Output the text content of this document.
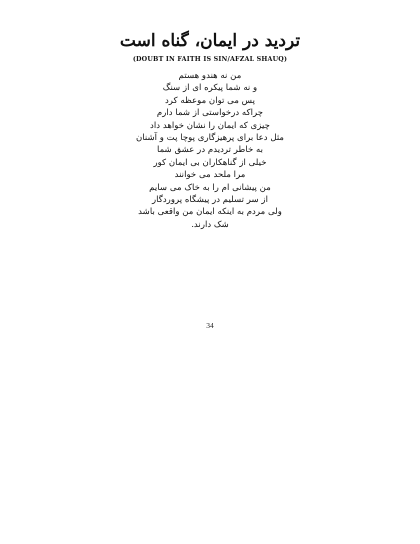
تردید در ایمان، گناه است

(DOUBT IN FAITH IS SIN/AFZAL SHAUQ)

من نه هندو هستم
و نه شما پیکره ای از سنگ
پس می توان موعظه کرد
چراکه درخواستی از شما دارم
چیزی که ایمان را نشان خواهد داد
مثل دعا برای پرهیزگاری پوچا پت و آشنان
به خاطر تردیدم در عشق شما
خیلی از گناهکاران بی ایمان کور
مرا ملحد می خوانند
من پیشانی ام را به خاک می سایم
از سر تسلیم در پیشگاه پروردگار
ولی مردم به اینکه ایمان من واقعی باشد
شک دارند.

34
